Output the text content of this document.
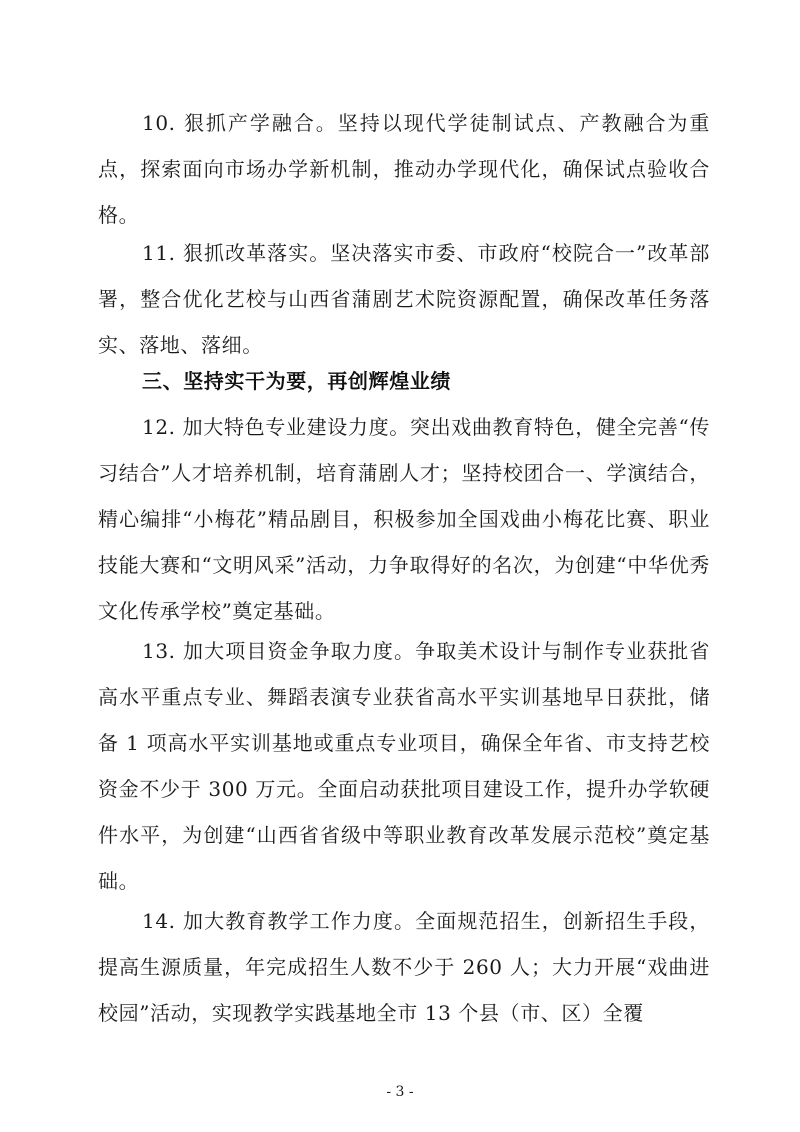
10. 狠抓产学融合。坚持以现代学徒制试点、产教融合为重点，探索面向市场办学新机制，推动办学现代化，确保试点验收合格。

11. 狠抓改革落实。坚决落实市委、市政府“校院合一”改革部署，整合优化艺校与山西省蒲剧艺术院资源配置，确保改革任务落实、落地、落细。

三、坚持实干为要，再创辉煌业绩

12. 加大特色专业建设力度。突出戏曲教育特色，健全完善“传习结合”人才培养机制，培育蒲剧人才；坚持校团合一、学演结合，精心编排“小梅花”精品剧目，积极参加全国戏曲小梅花比赛、职业技能大赛和“文明风采”活动，力争取得好的名次，为创建“中华优秀文化传承学校”奠定基础。

13. 加大项目资金争取力度。争取美术设计与制作专业获批省高水平重点专业、舞蹈表演专业获省高水平实训基地早日获批，储备 1 项高水平实训基地或重点专业项目，确保全年省、市支持艺校资金不少于 300 万元。全面启动获批项目建设工作，提升办学软硬件水平，为创建“山西省省级中等职业教育改革发展示范校”奠定基础。

14. 加大教育教学工作力度。全面规范招生，创新招生手段，提高生源质量，年完成招生人数不少于 260 人；大力开展“戏曲进校园”活动，实现教学实践基地全市 13 个县（市、区）全覆

- 3 -
